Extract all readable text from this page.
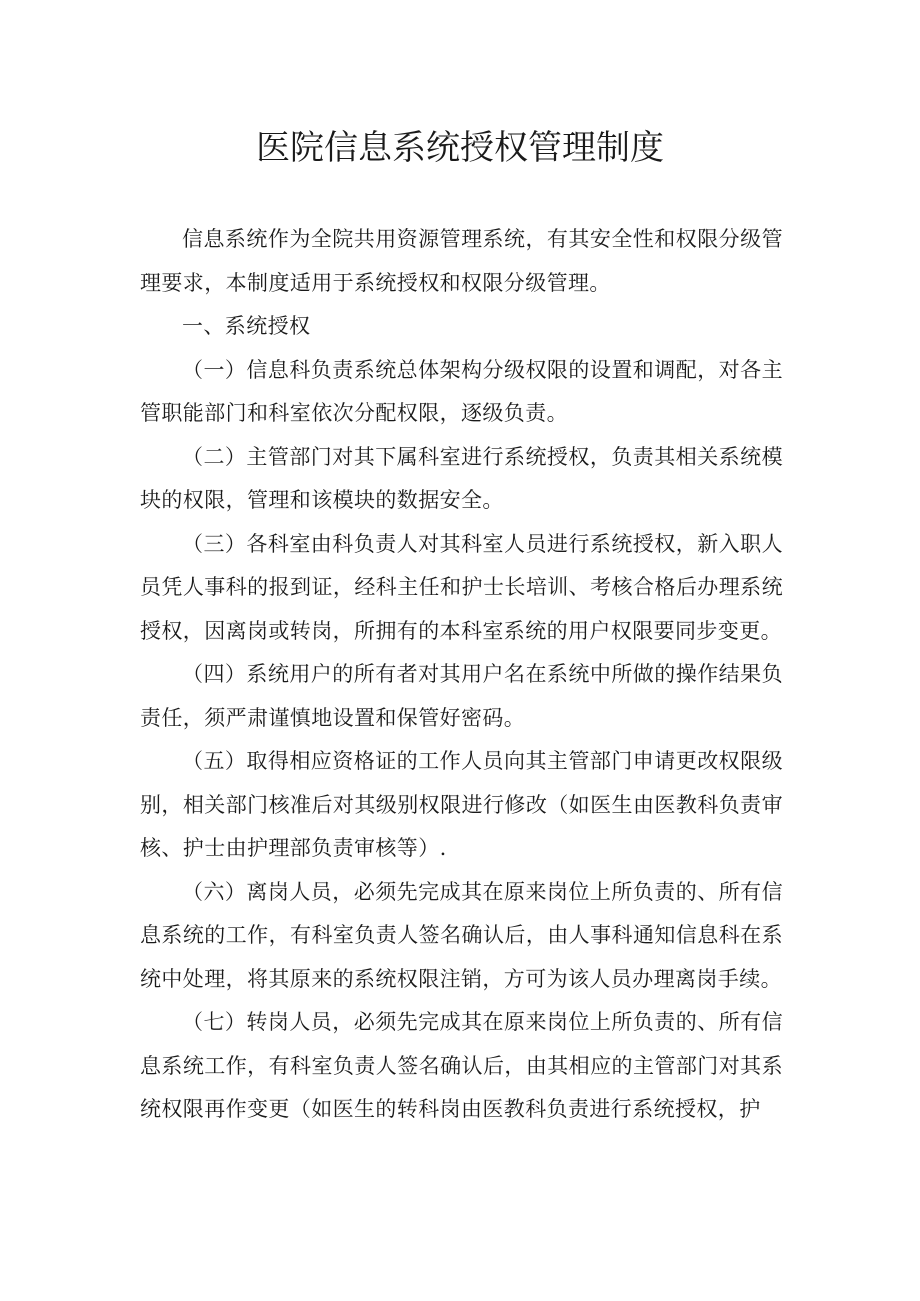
医院信息系统授权管理制度

信息系统作为全院共用资源管理系统，有其安全性和权限分级管理要求，本制度适用于系统授权和权限分级管理。

一、系统授权

（一）信息科负责系统总体架构分级权限的设置和调配，对各主管职能部门和科室依次分配权限，逐级负责。

（二）主管部门对其下属科室进行系统授权，负责其相关系统模块的权限，管理和该模块的数据安全。

（三）各科室由科负责人对其科室人员进行系统授权，新入职人员凭人事科的报到证，经科主任和护士长培训、考核合格后办理系统授权，因离岗或转岗，所拥有的本科室系统的用户权限要同步变更。

（四）系统用户的所有者对其用户名在系统中所做的操作结果负责任，须严肃谨慎地设置和保管好密码。

（五）取得相应资格证的工作人员向其主管部门申请更改权限级别，相关部门核准后对其级别权限进行修改（如医生由医教科负责审核、护士由护理部负责审核等）.

（六）离岗人员，必须先完成其在原来岗位上所负责的、所有信息系统的工作，有科室负责人签名确认后，由人事科通知信息科在系统中处理，将其原来的系统权限注销，方可为该人员办理离岗手续。

（七）转岗人员，必须先完成其在原来岗位上所负责的、所有信息系统工作，有科室负责人签名确认后，由其相应的主管部门对其系统权限再作变更（如医生的转科岗由医教科负责进行系统授权，护
